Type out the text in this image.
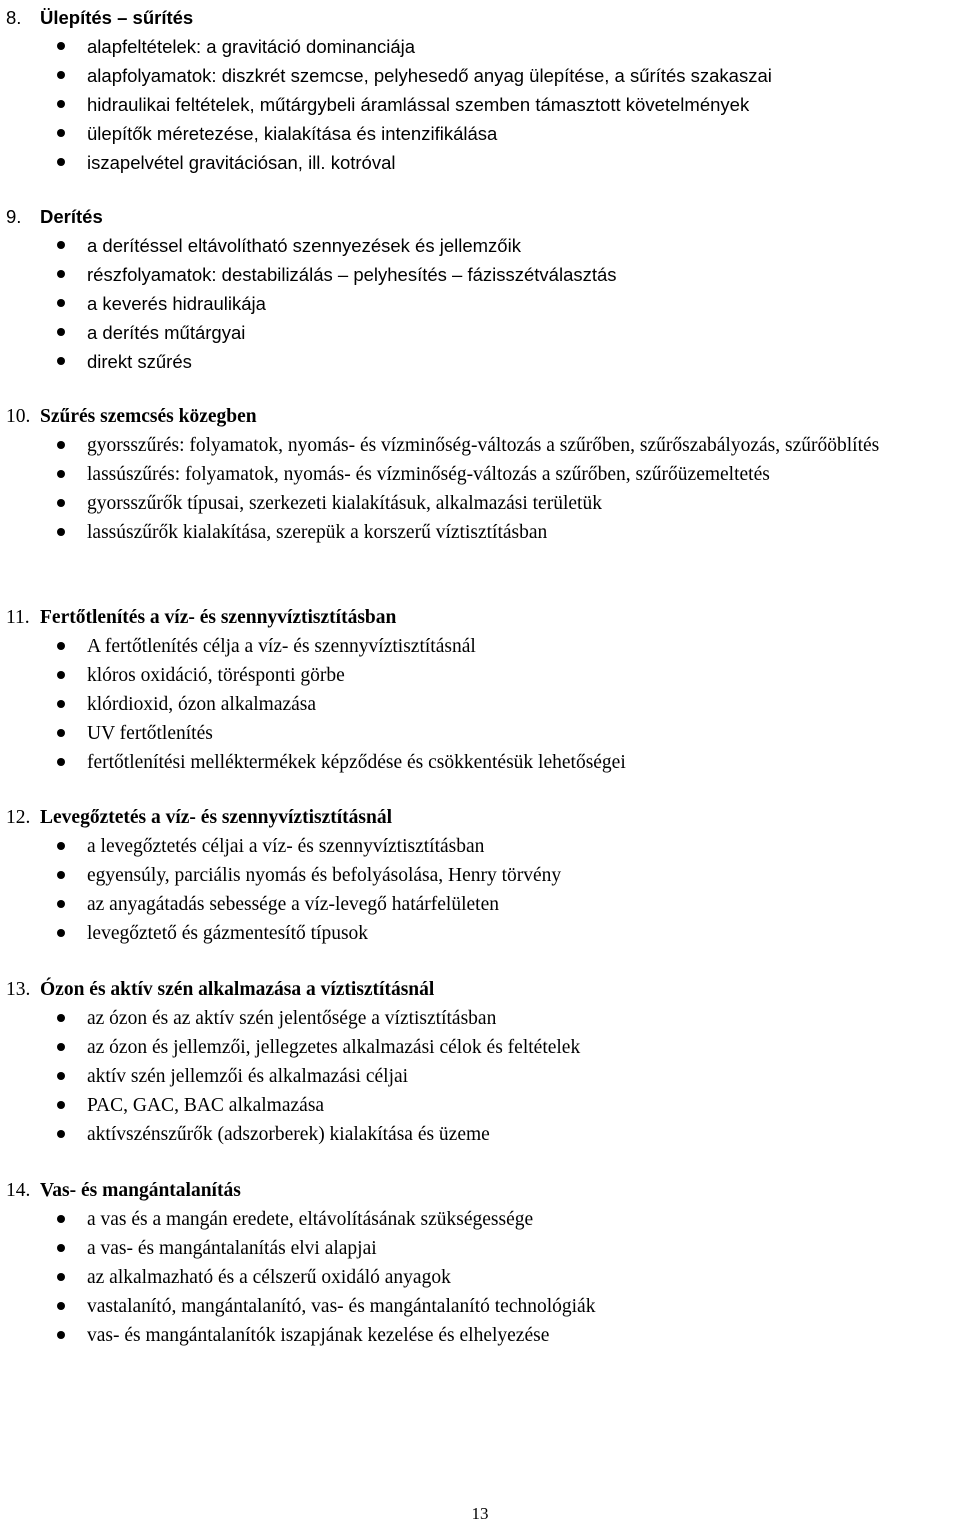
8. Ülepítés – sűrítés
alapfeltételek: a gravitáció dominanciája
alapfolyamatok: diszkrét szemcse, pelyhesedő anyag ülepítése, a sűrítés szakaszai
hidraulikai feltételek, műtárgybeli áramlással szemben támasztott követelmények
ülepítők méretezése, kialakítása és intenzifikálása
iszapelvétel gravitációsan, ill. kotróval
9. Derítés
a derítéssel eltávolítható szennyezések és jellemzőik
részfolyamatok: destabilizálás – pelyhesítés – fázisszétválasztás
a keverés hidraulikája
a derítés műtárgyai
direkt szűrés
10. Szűrés szemcsés közegben
gyorsszűrés: folyamatok, nyomás- és vízminőség-változás a szűrőben, szűrőszabályozás, szűrőöblítés
lassúszűrés: folyamatok, nyomás- és vízminőség-változás a szűrőben, szűrőüzemeltetés
gyorsszűrők típusai, szerkezeti kialakításuk, alkalmazási területük
lassúszűrők kialakítása, szerepük a korszerű víztisztításban
11. Fertőtlenítés a víz- és szennyvíztisztításban
A fertőtlenítés célja a víz- és szennyvíztisztításnál
klóros oxidáció, törésponti görbe
klórdioxid, ózon alkalmazása
UV fertőtlenítés
fertőtlenítési melléktermékek képződése és csökkentésük lehetőségei
12. Levegőztetés a víz- és szennyvíztisztításnál
a levegőztetés céljai a víz- és szennyvíztisztításban
egyensúly, parciális nyomás és befolyásolása, Henry törvény
az anyagátadás sebessége a víz-levegő határfelületen
levegőztető és gázmentesítő típusok
13. Ózon és aktív szén alkalmazása a víztisztításnál
az ózon és az aktív szén jelentősége a víztisztításban
az ózon és jellemzői, jellegzetes alkalmazási célok és feltételek
aktív szén jellemzői és alkalmazási céljai
PAC, GAC, BAC alkalmazása
aktívszénszűrők (adszorberek) kialakítása és üzeme
14. Vas- és mangántalanítás
a vas és a mangán eredete, eltávolításának szükségessége
a vas- és mangántalanítás elvi alapjai
az alkalmazható és a célszerű oxidáló anyagok
vastalanító, mangántalanító, vas- és mangántalanító technológiák
vas- és mangántalanítók iszapjának kezelése és elhelyezése
13
